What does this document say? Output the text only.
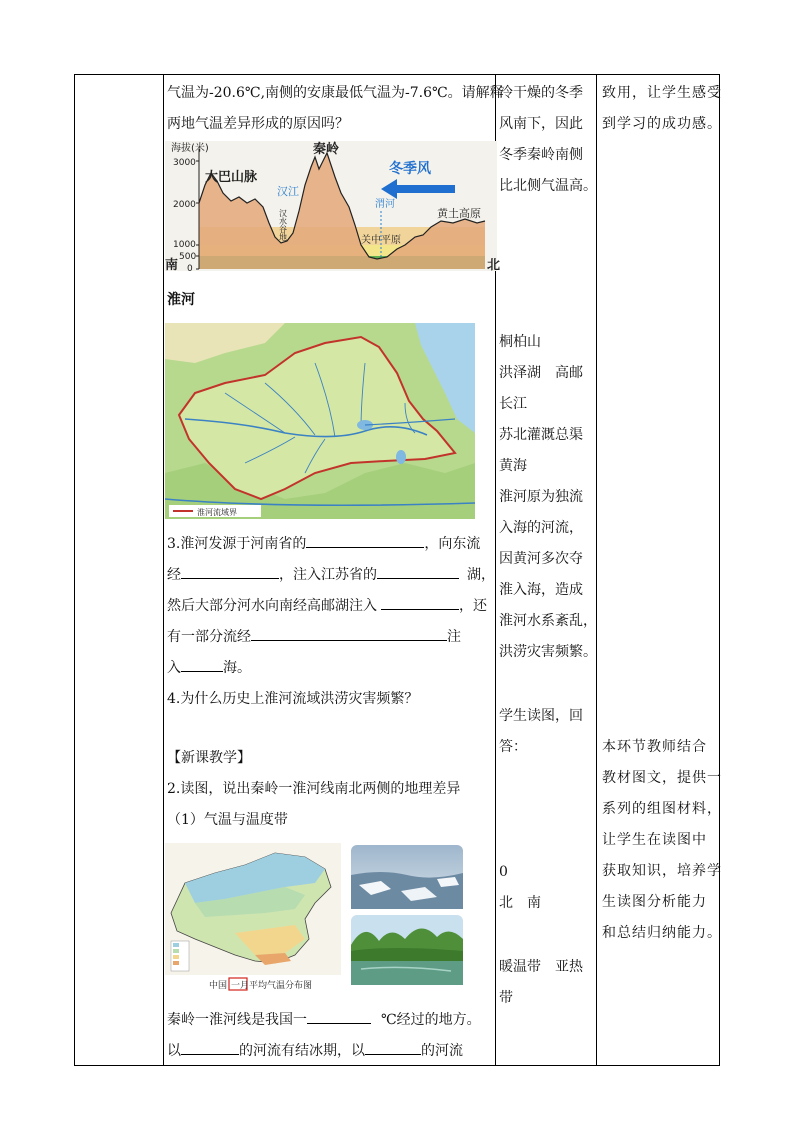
气温为-20.6℃,南侧的安康最低气温为-7.6℃。请解释
两地气温差异形成的原因吗？
海拔(米)
3000
2000
1000
500
0
大巴山脉
秦岭
汉江
汉水谷地
渭河
冬季风
关中平原
黄土高原
南	北
淮河
淮河流域界
3.淮河发源于河南省的	，向东流
经	，注入江苏省的	湖，
然后大部分河水向南经高邮湖注入	，还
有一部分流经	注
入	海。
4.为什么历史上淮河流域洪涝灾害频繁？
【新课教学】
2.读图，说出秦岭一淮河线南北两侧的地理差异
（1）气温与温度带
中国 一月 平均气温分布图
秦岭一淮河线是我国一	℃经过的地方。
以	的河流有结冰期，以	的河流
冷干燥的冬季
风南下，因此
冬季秦岭南侧
比北侧气温高。
桐柏山
洪泽湖　高邮
长江
苏北灌溉总渠
黄海
淮河原为独流
入海的河流，
因黄河多次夺
淮入海，造成
淮河水系紊乱，
洪涝灾害频繁。
学生读图，回
答：
0
北　南
暖温带　亚热
带
致用，让学生感受
到学习的成功感。
本环节教师结合
教材图文，提供一
系列的组图材料，
让学生在读图中
获取知识，培养学
生读图分析能力
和总结归纳能力。
